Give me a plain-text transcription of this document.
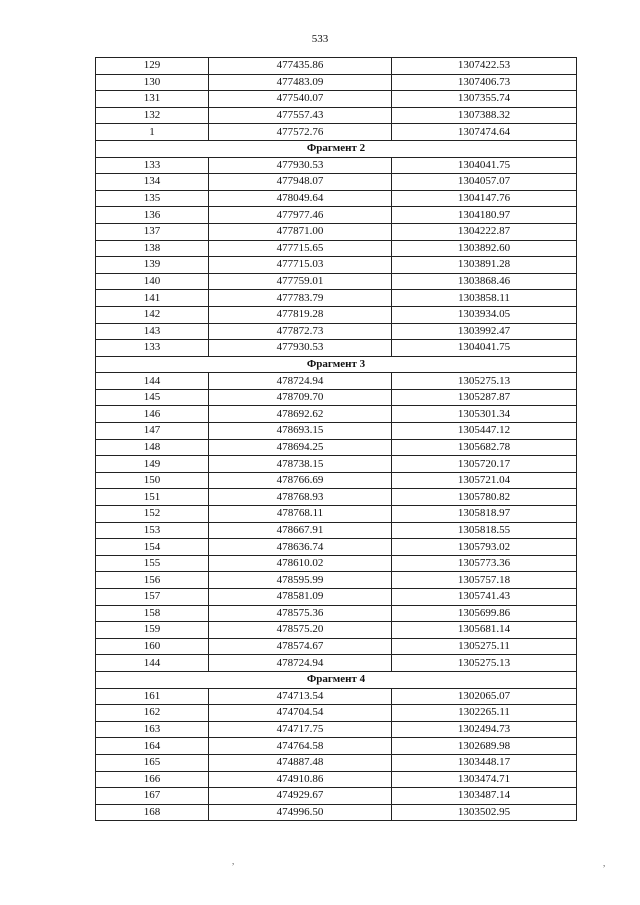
533
129	477435.86	1307422.53
130	477483.09	1307406.73
131	477540.07	1307355.74
132	477557.43	1307388.32
1	477572.76	1307474.64
Фрагмент 2		
133	477930.53	1304041.75
134	477948.07	1304057.07
135	478049.64	1304147.76
136	477977.46	1304180.97
137	477871.00	1304222.87
138	477715.65	1303892.60
139	477715.03	1303891.28
140	477759.01	1303868.46
141	477783.79	1303858.11
142	477819.28	1303934.05
143	477872.73	1303992.47
133	477930.53	1304041.75
Фрагмент 3		
144	478724.94	1305275.13
145	478709.70	1305287.87
146	478692.62	1305301.34
147	478693.15	1305447.12
148	478694.25	1305682.78
149	478738.15	1305720.17
150	478766.69	1305721.04
151	478768.93	1305780.82
152	478768.11	1305818.97
153	478667.91	1305818.55
154	478636.74	1305793.02
155	478610.02	1305773.36
156	478595.99	1305757.18
157	478581.09	1305741.43
158	478575.36	1305699.86
159	478575.20	1305681.14
160	478574.67	1305275.11
144	478724.94	1305275.13
Фрагмент 4		
161	474713.54	1302065.07
162	474704.54	1302265.11
163	474717.75	1302494.73
164	474764.58	1302689.98
165	474887.48	1303448.17
166	474910.86	1303474.71
167	474929.67	1303487.14
168	474996.50	1303502.95
,	,
